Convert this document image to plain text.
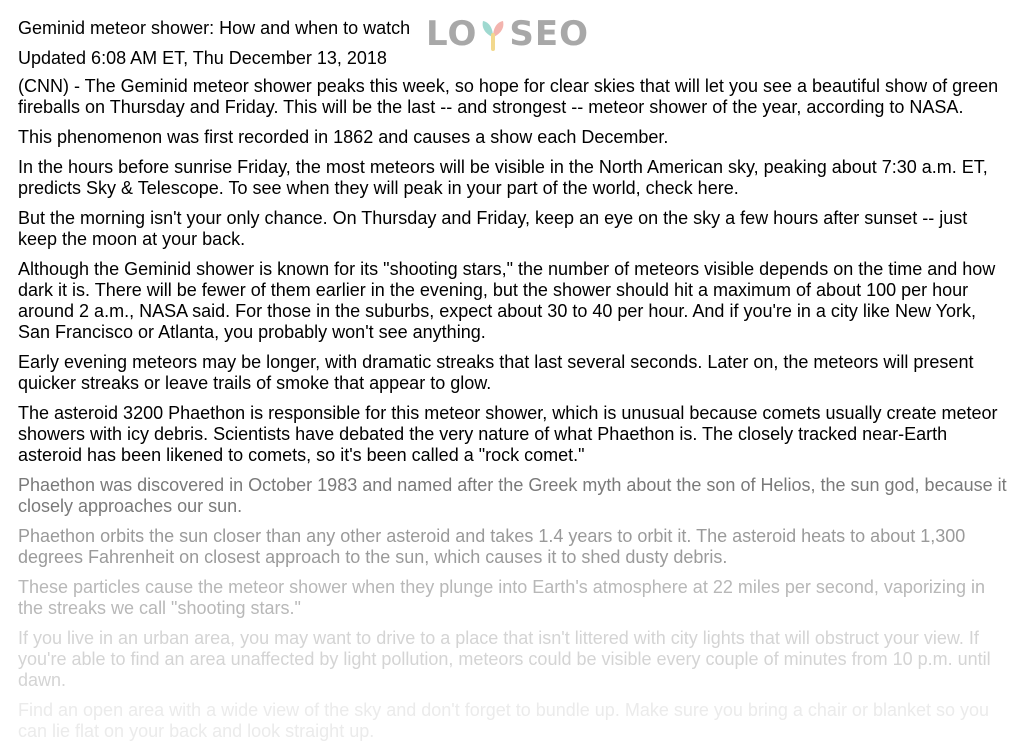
Geminid meteor shower: How and when to watch LO SEO

Updated 6:08 AM ET, Thu December 13, 2018

(CNN) - The Geminid meteor shower peaks this week, so hope for clear skies that will let you see a beautiful show of green fireballs on Thursday and Friday. This will be the last -- and strongest -- meteor shower of the year, according to NASA.

This phenomenon was first recorded in 1862 and causes a show each December.

In the hours before sunrise Friday, the most meteors will be visible in the North American sky, peaking about 7:30 a.m. ET, predicts Sky & Telescope. To see when they will peak in your part of the world, check here.

But the morning isn't your only chance. On Thursday and Friday, keep an eye on the sky a few hours after sunset -- just keep the moon at your back.

Although the Geminid shower is known for its "shooting stars," the number of meteors visible depends on the time and how dark it is. There will be fewer of them earlier in the evening, but the shower should hit a maximum of about 100 per hour around 2 a.m., NASA said. For those in the suburbs, expect about 30 to 40 per hour. And if you're in a city like New York, San Francisco or Atlanta, you probably won't see anything.

Early evening meteors may be longer, with dramatic streaks that last several seconds. Later on, the meteors will present quicker streaks or leave trails of smoke that appear to glow.

The asteroid 3200 Phaethon is responsible for this meteor shower, which is unusual because comets usually create meteor showers with icy debris. Scientists have debated the very nature of what Phaethon is. The closely tracked near-Earth asteroid has been likened to comets, so it's been called a "rock comet."

Phaethon was discovered in October 1983 and named after the Greek myth about the son of Helios, the sun god, because it closely approaches our sun.

Phaethon orbits the sun closer than any other asteroid and takes 1.4 years to orbit it. The asteroid heats to about 1,300 degrees Fahrenheit on closest approach to the sun, which causes it to shed dusty debris.

These particles cause the meteor shower when they plunge into Earth's atmosphere at 22 miles per second, vaporizing in the streaks we call "shooting stars."

If you live in an urban area, you may want to drive to a place that isn't littered with city lights that will obstruct your view. If you're able to find an area unaffected by light pollution, meteors could be visible every couple of minutes from 10 p.m. until dawn.

Find an open area with a wide view of the sky and don't forget to bundle up. Make sure you bring a chair or blanket so you can lie flat on your back and look straight up.
